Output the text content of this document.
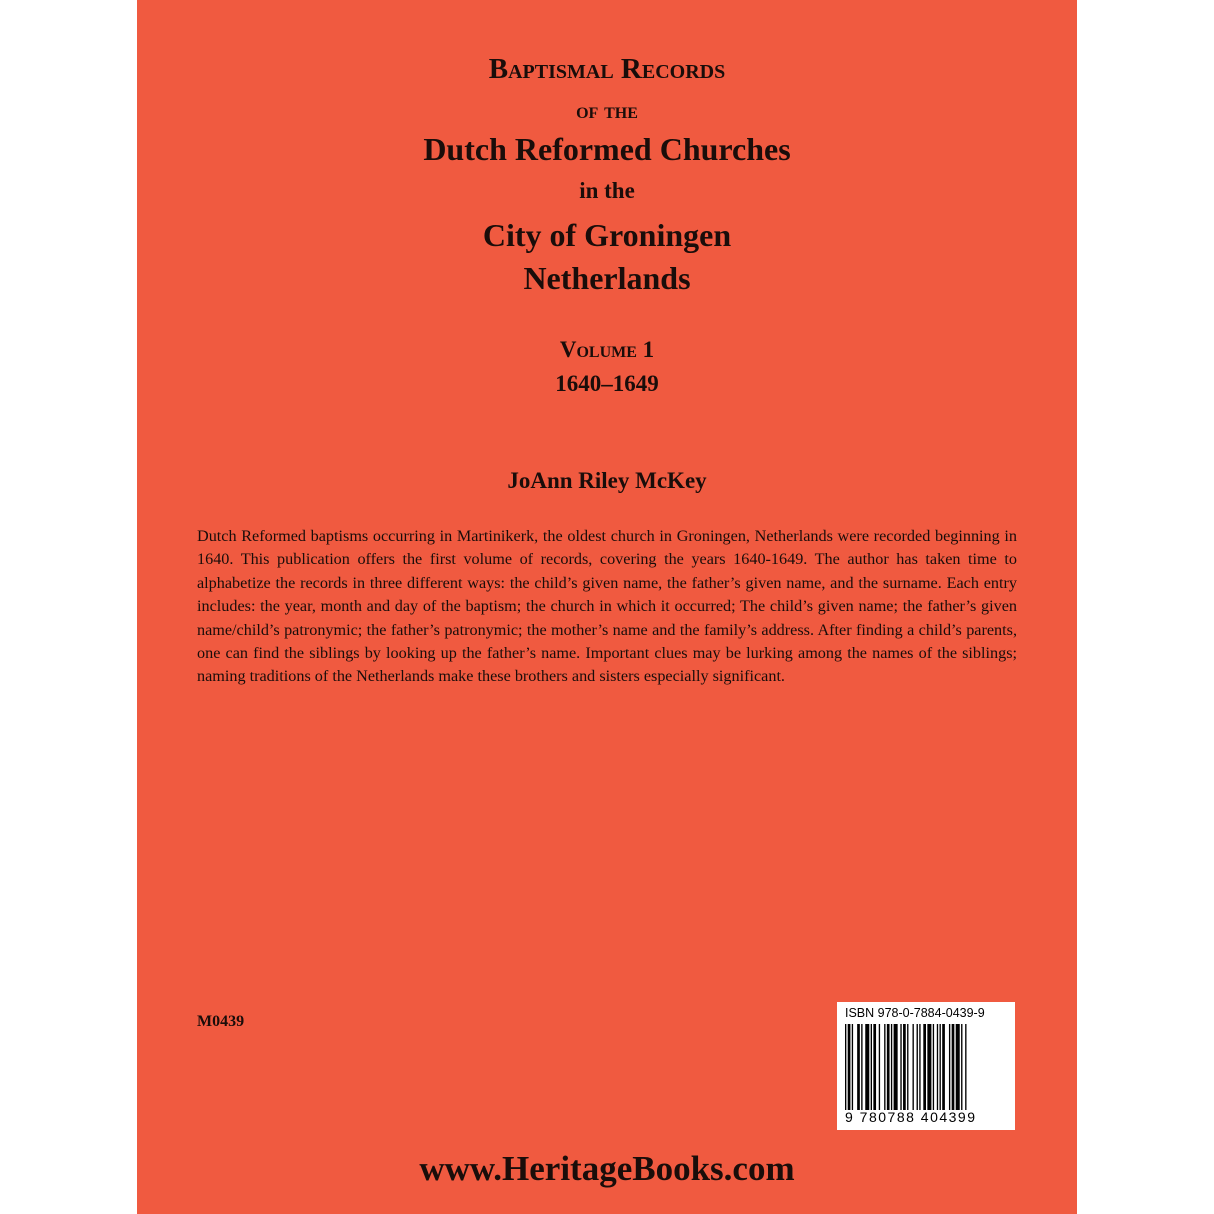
Baptismal Records
of the
Dutch Reformed Churches
in the
City of Groningen
Netherlands
Volume 1
1640–1649
JoAnn Riley McKey
Dutch Reformed baptisms occurring in Martinikerk, the oldest church in Groningen, Netherlands were recorded beginning in 1640. This publication offers the first volume of records, covering the years 1640-1649. The author has taken time to alphabetize the records in three different ways: the child’s given name, the father’s given name, and the surname. Each entry includes: the year, month and day of the baptism; the church in which it occurred; The child’s given name; the father’s given name/child’s patronymic; the father’s patronymic; the mother’s name and the family’s address. After finding a child’s parents, one can find the siblings by looking up the father’s name. Important clues may be lurking among the names of the siblings; naming traditions of the Netherlands make these brothers and sisters especially significant.
M0439	ISBN 978-0-7884-0439-9
9 780788 404399
www.HeritageBooks.com
